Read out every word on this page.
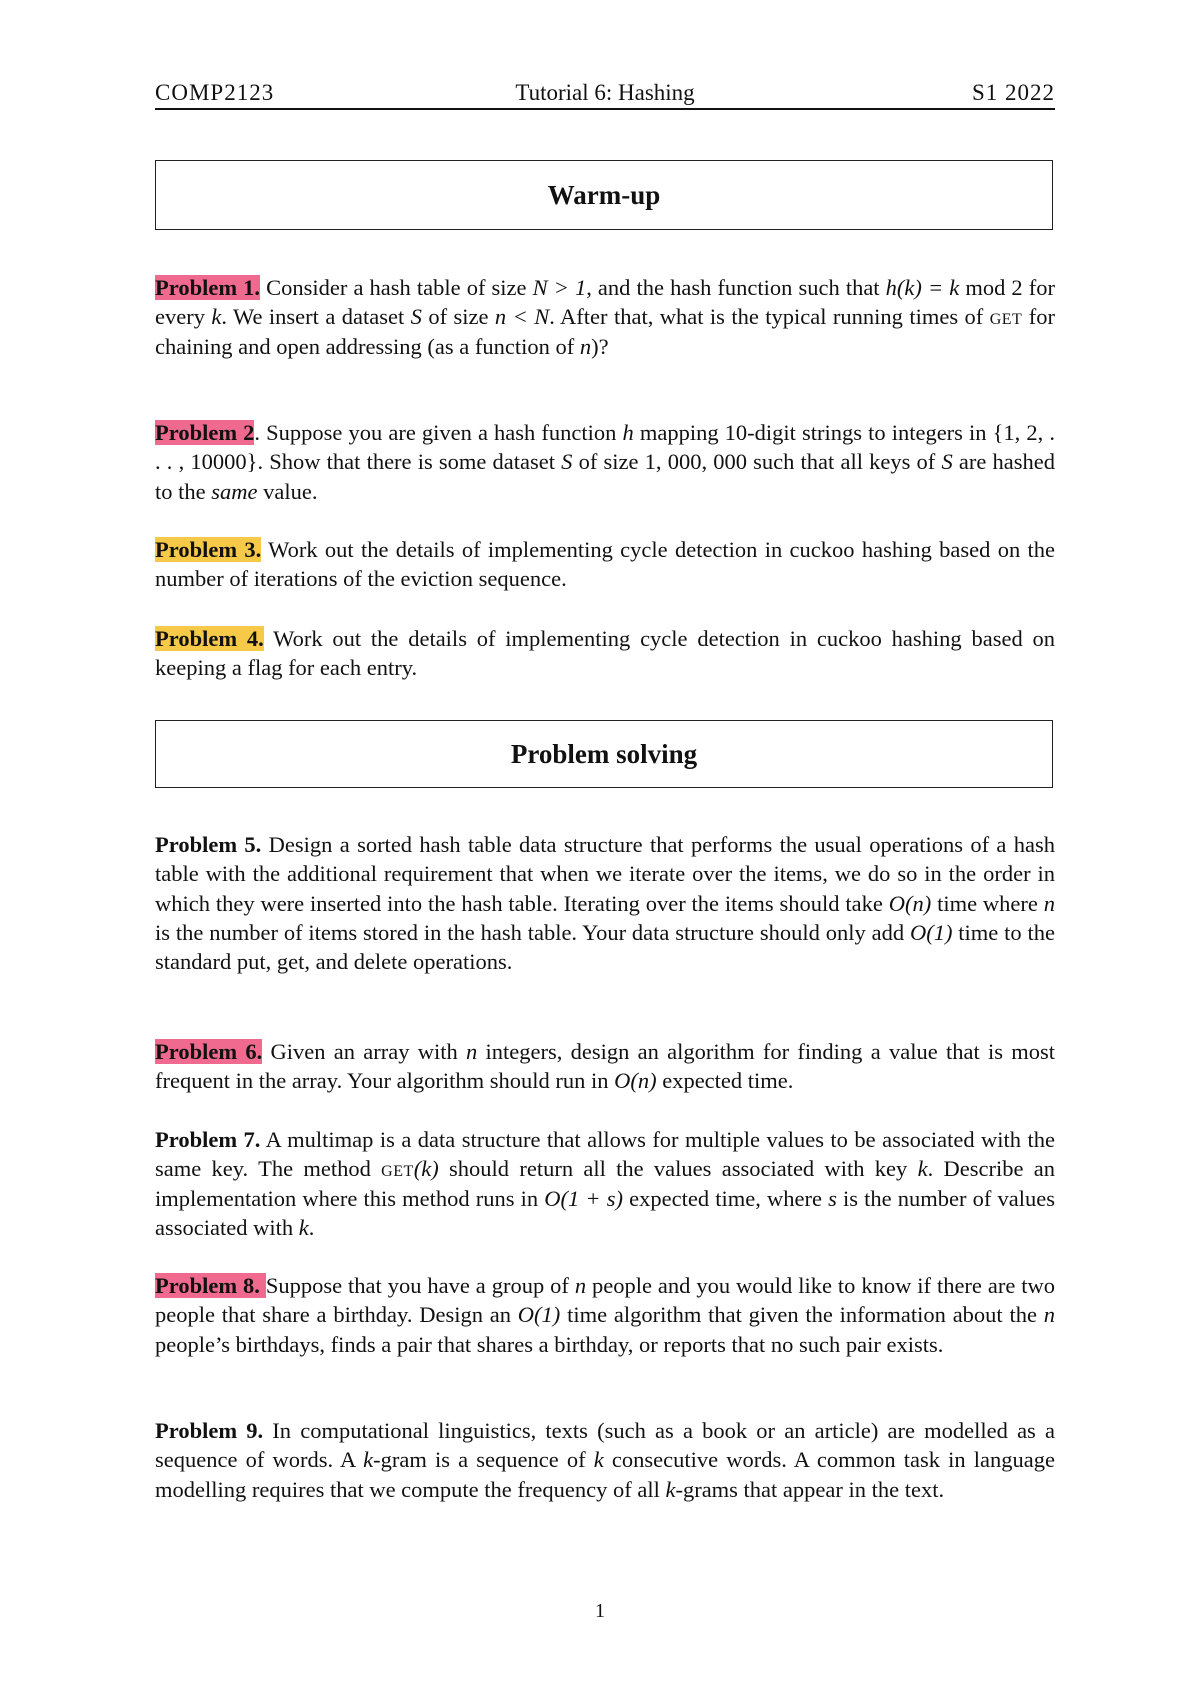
COMP2123	Tutorial 6: Hashing	S1 2022
Warm-up
Problem 1. Consider a hash table of size N > 1, and the hash function such that h(k) = k mod 2 for every k. We insert a dataset S of size n < N. After that, what is the typical running times of get for chaining and open addressing (as a function of n)?
Problem 2. Suppose you are given a hash function h mapping 10-digit strings to integers in {1, 2, . . . , 10000}. Show that there is some dataset S of size 1, 000, 000 such that all keys of S are hashed to the same value.
Problem 3. Work out the details of implementing cycle detection in cuckoo hashing based on the number of iterations of the eviction sequence.
Problem 4. Work out the details of implementing cycle detection in cuckoo hashing based on keeping a flag for each entry.
Problem solving
Problem 5. Design a sorted hash table data structure that performs the usual operations of a hash table with the additional requirement that when we iterate over the items, we do so in the order in which they were inserted into the hash table. Iterating over the items should take O(n) time where n is the number of items stored in the hash table. Your data structure should only add O(1) time to the standard put, get, and delete operations.
Problem 6. Given an array with n integers, design an algorithm for finding a value that is most frequent in the array. Your algorithm should run in O(n) expected time.
Problem 7. A multimap is a data structure that allows for multiple values to be associated with the same key. The method get(k) should return all the values associated with key k. Describe an implementation where this method runs in O(1 + s) expected time, where s is the number of values associated with k.
Problem 8. Suppose that you have a group of n people and you would like to know if there are two people that share a birthday. Design an O(1) time algorithm that given the information about the n people’s birthdays, finds a pair that shares a birthday, or reports that no such pair exists.
Problem 9. In computational linguistics, texts (such as a book or an article) are modelled as a sequence of words. A k-gram is a sequence of k consecutive words. A common task in language modelling requires that we compute the frequency of all k-grams that appear in the text.
1
